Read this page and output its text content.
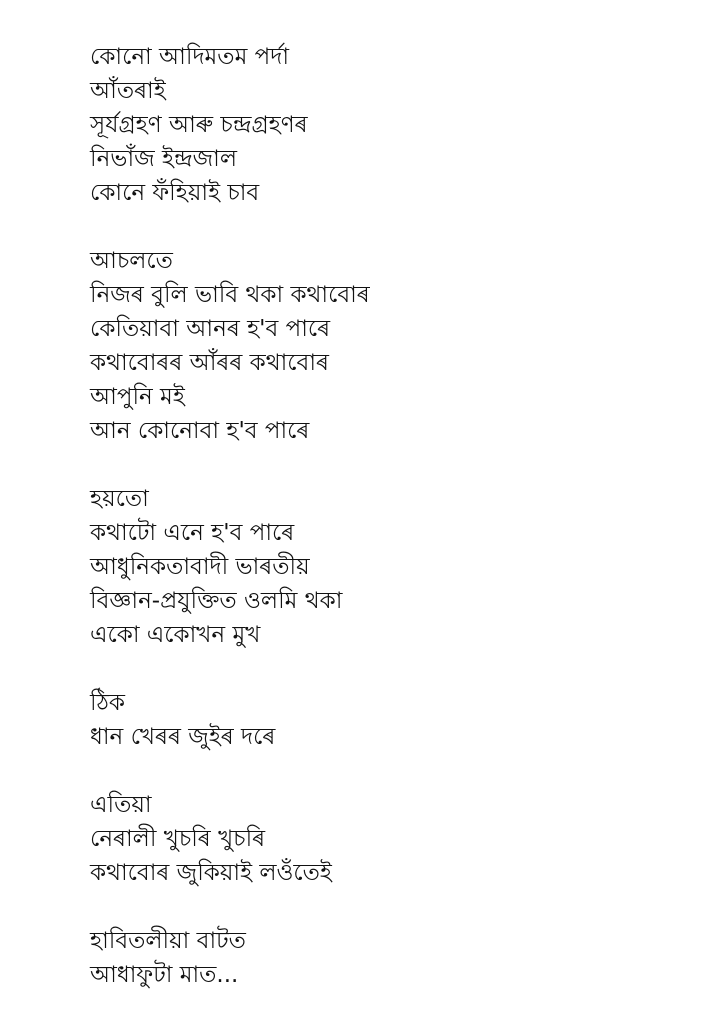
কোনো আদিমতম পৰ্দা
আঁতৰাই
সূৰ্যগ্ৰহণ আৰু চন্দ্ৰগ্ৰহণৰ
নিভাঁজ ইন্দ্ৰজাল
কোনে ফঁহিয়াই চাব
আচলতে
নিজৰ বুলি ভাবি থকা কথাবোৰ
কেতিয়াবা আনৰ হ'ব পাৰে
কথাবোৰৰ আঁৰৰ কথাবোৰ
আপুনি মই
আন কোনোবা হ'ব পাৰে
হয়তো
কথাটো এনে হ'ব পাৰে
আধুনিকতাবাদী ভাৰতীয়
বিজ্ঞান-প্ৰযুক্তিত ওলমি থকা
একো একোখন মুখ
ঠিক
ধান খেৰৰ জুইৰ দৰে
এতিয়া
নেৰালী খুচৰি খুচৰি
কথাবোৰ জুকিয়াই লওঁতেই
হাবিতলীয়া বাটত
আধাফুটা মাত...
